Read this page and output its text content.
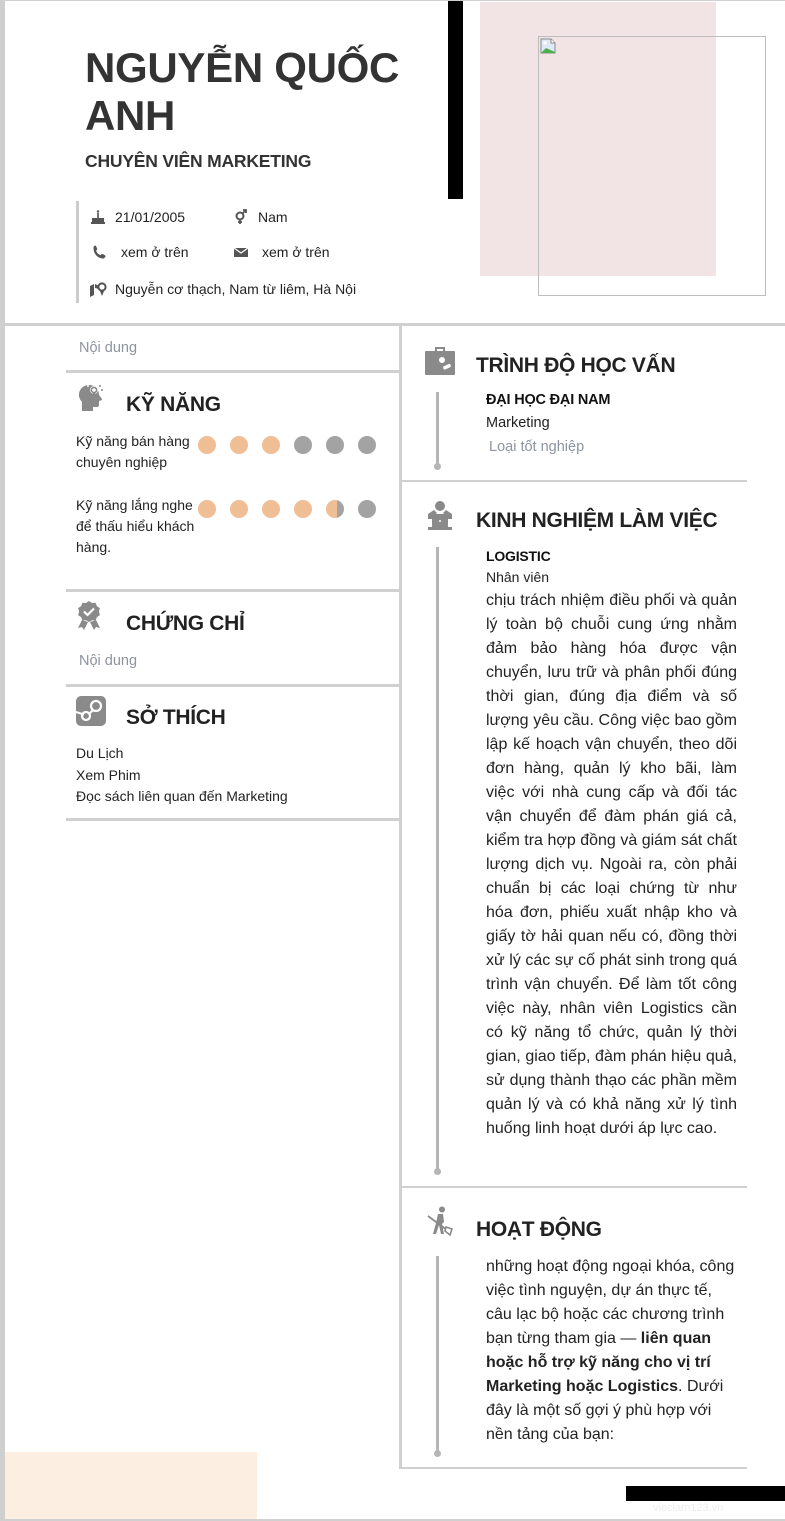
NGUYỄN QUỐC ANH
CHUYÊN VIÊN MARKETING
21/01/2005	Nam
xem ở trên	xem ở trên
Nguyễn cơ thạch, Nam từ liêm, Hà Nội
Nội dung
KỸ NĂNG
Kỹ năng bán hàng chuyên nghiệp
Kỹ năng lắng nghe để thấu hiểu khách hàng.
CHỨNG CHỈ
Nội dung
SỞ THÍCH
Du Lịch
Xem Phim
Đọc sách liên quan đến Marketing
TRÌNH ĐỘ HỌC VẤN
ĐẠI HỌC ĐẠI NAM
Marketing
Loại tốt nghiệp
KINH NGHIỆM LÀM VIỆC
LOGISTIC
Nhân viên
chịu trách nhiệm điều phối và quản lý toàn bộ chuỗi cung ứng nhằm đảm bảo hàng hóa được vận chuyển, lưu trữ và phân phối đúng thời gian, đúng địa điểm và số lượng yêu cầu. Công việc bao gồm lập kế hoạch vận chuyển, theo dõi đơn hàng, quản lý kho bãi, làm việc với nhà cung cấp và đối tác vận chuyển để đàm phán giá cả, kiểm tra hợp đồng và giám sát chất lượng dịch vụ. Ngoài ra, còn phải chuẩn bị các loại chứng từ như hóa đơn, phiếu xuất nhập kho và giấy tờ hải quan nếu có, đồng thời xử lý các sự cố phát sinh trong quá trình vận chuyển. Để làm tốt công việc này, nhân viên Logistics cần có kỹ năng tổ chức, quản lý thời gian, giao tiếp, đàm phán hiệu quả, sử dụng thành thạo các phần mềm quản lý và có khả năng xử lý tình huống linh hoạt dưới áp lực cao.
HOẠT ĐỘNG
những hoạt động ngoại khóa, công việc tình nguyện, dự án thực tế, câu lạc bộ hoặc các chương trình bạn từng tham gia — liên quan hoặc hỗ trợ kỹ năng cho vị trí Marketing hoặc Logistics. Dưới đây là một số gợi ý phù hợp với nền tảng của bạn:
vieclam123.vn
